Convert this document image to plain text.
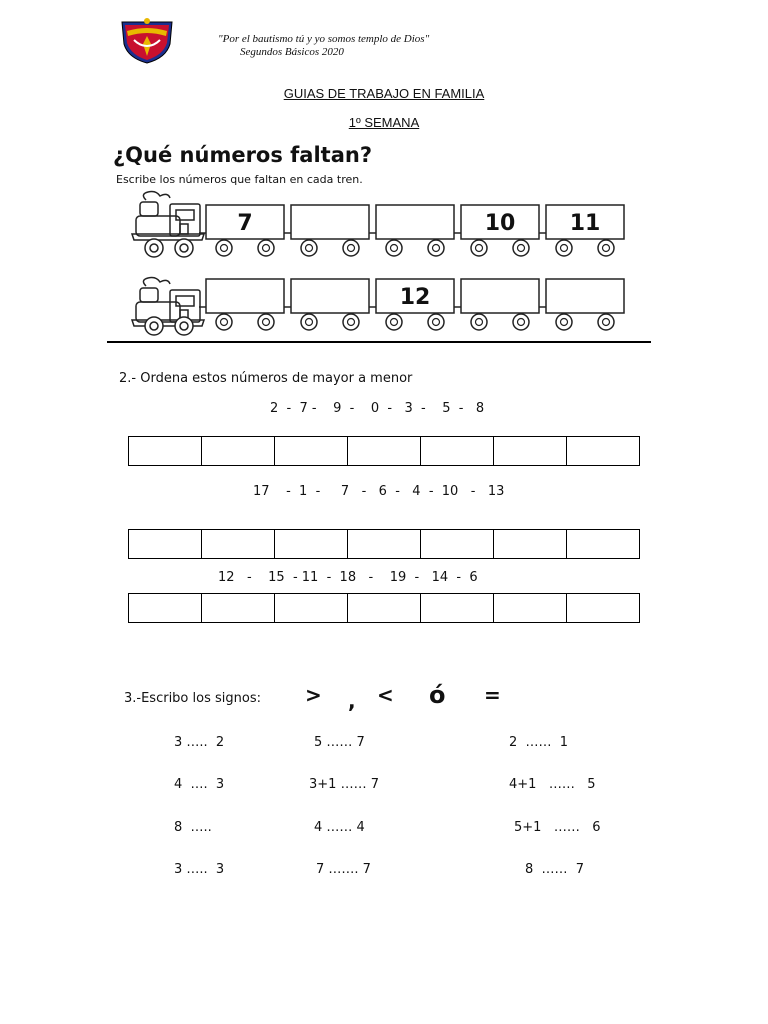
"Por el bautismo tú y yo somos templo de Dios"
Segundos Básicos 2020
GUIAS DE TRABAJO EN FAMILIA
1º SEMANA
¿Qué números faltan?
Escribe los números que faltan en cada tren.
7	10 11
12
2.- Ordena estos números de mayor a menor
2  -  7 -    9  -    0  -   3  -    5  -   8
17    -  1  -     7   -   6  -   4  -  10   -   13
12   -    15  - 11  -  18   -    19  -   14  -  6
3.-Escribo los signos: > , < ó =
3 …..  2	5 …… 7	2  ……  1
4  ….  3	3+1 …… 7	4+1   ……   5
8  …..	4 …… 4	5+1   ……   6
3 …..  3	7 ……. 7	8  ……  7
